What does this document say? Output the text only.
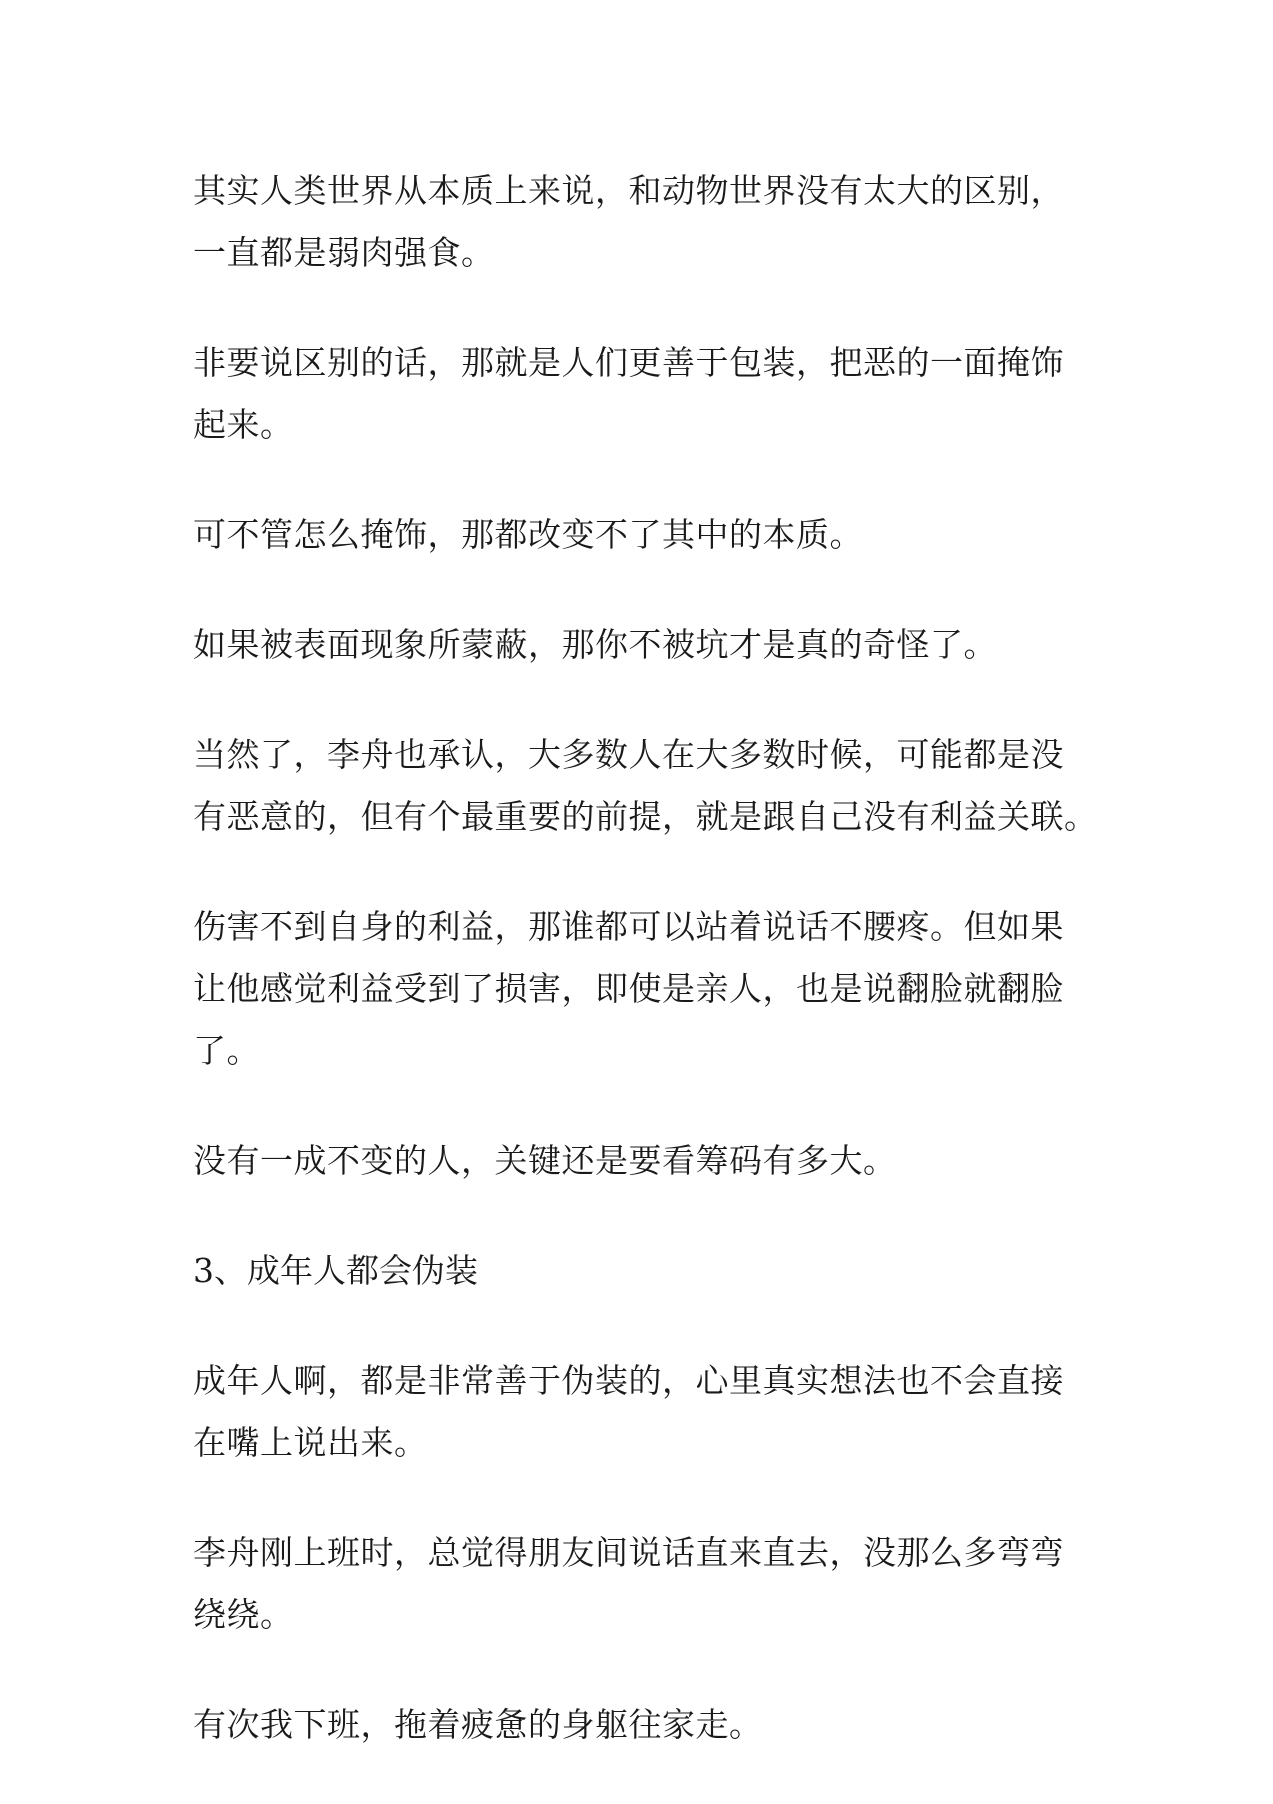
其实人类世界从本质上来说，和动物世界没有太大的区别，
一直都是弱肉强食。

非要说区别的话，那就是人们更善于包装，把恶的一面掩饰
起来。

可不管怎么掩饰，那都改变不了其中的本质。

如果被表面现象所蒙蔽，那你不被坑才是真的奇怪了。

当然了，李舟也承认，大多数人在大多数时候，可能都是没
有恶意的，但有个最重要的前提，就是跟自己没有利益关联。

伤害不到自身的利益，那谁都可以站着说话不腰疼。但如果
让他感觉利益受到了损害，即使是亲人，也是说翻脸就翻脸
了。

没有一成不变的人，关键还是要看筹码有多大。

3、成年人都会伪装

成年人啊，都是非常善于伪装的，心里真实想法也不会直接
在嘴上说出来。

李舟刚上班时，总觉得朋友间说话直来直去，没那么多弯弯
绕绕。

有次我下班，拖着疲惫的身躯往家走。
